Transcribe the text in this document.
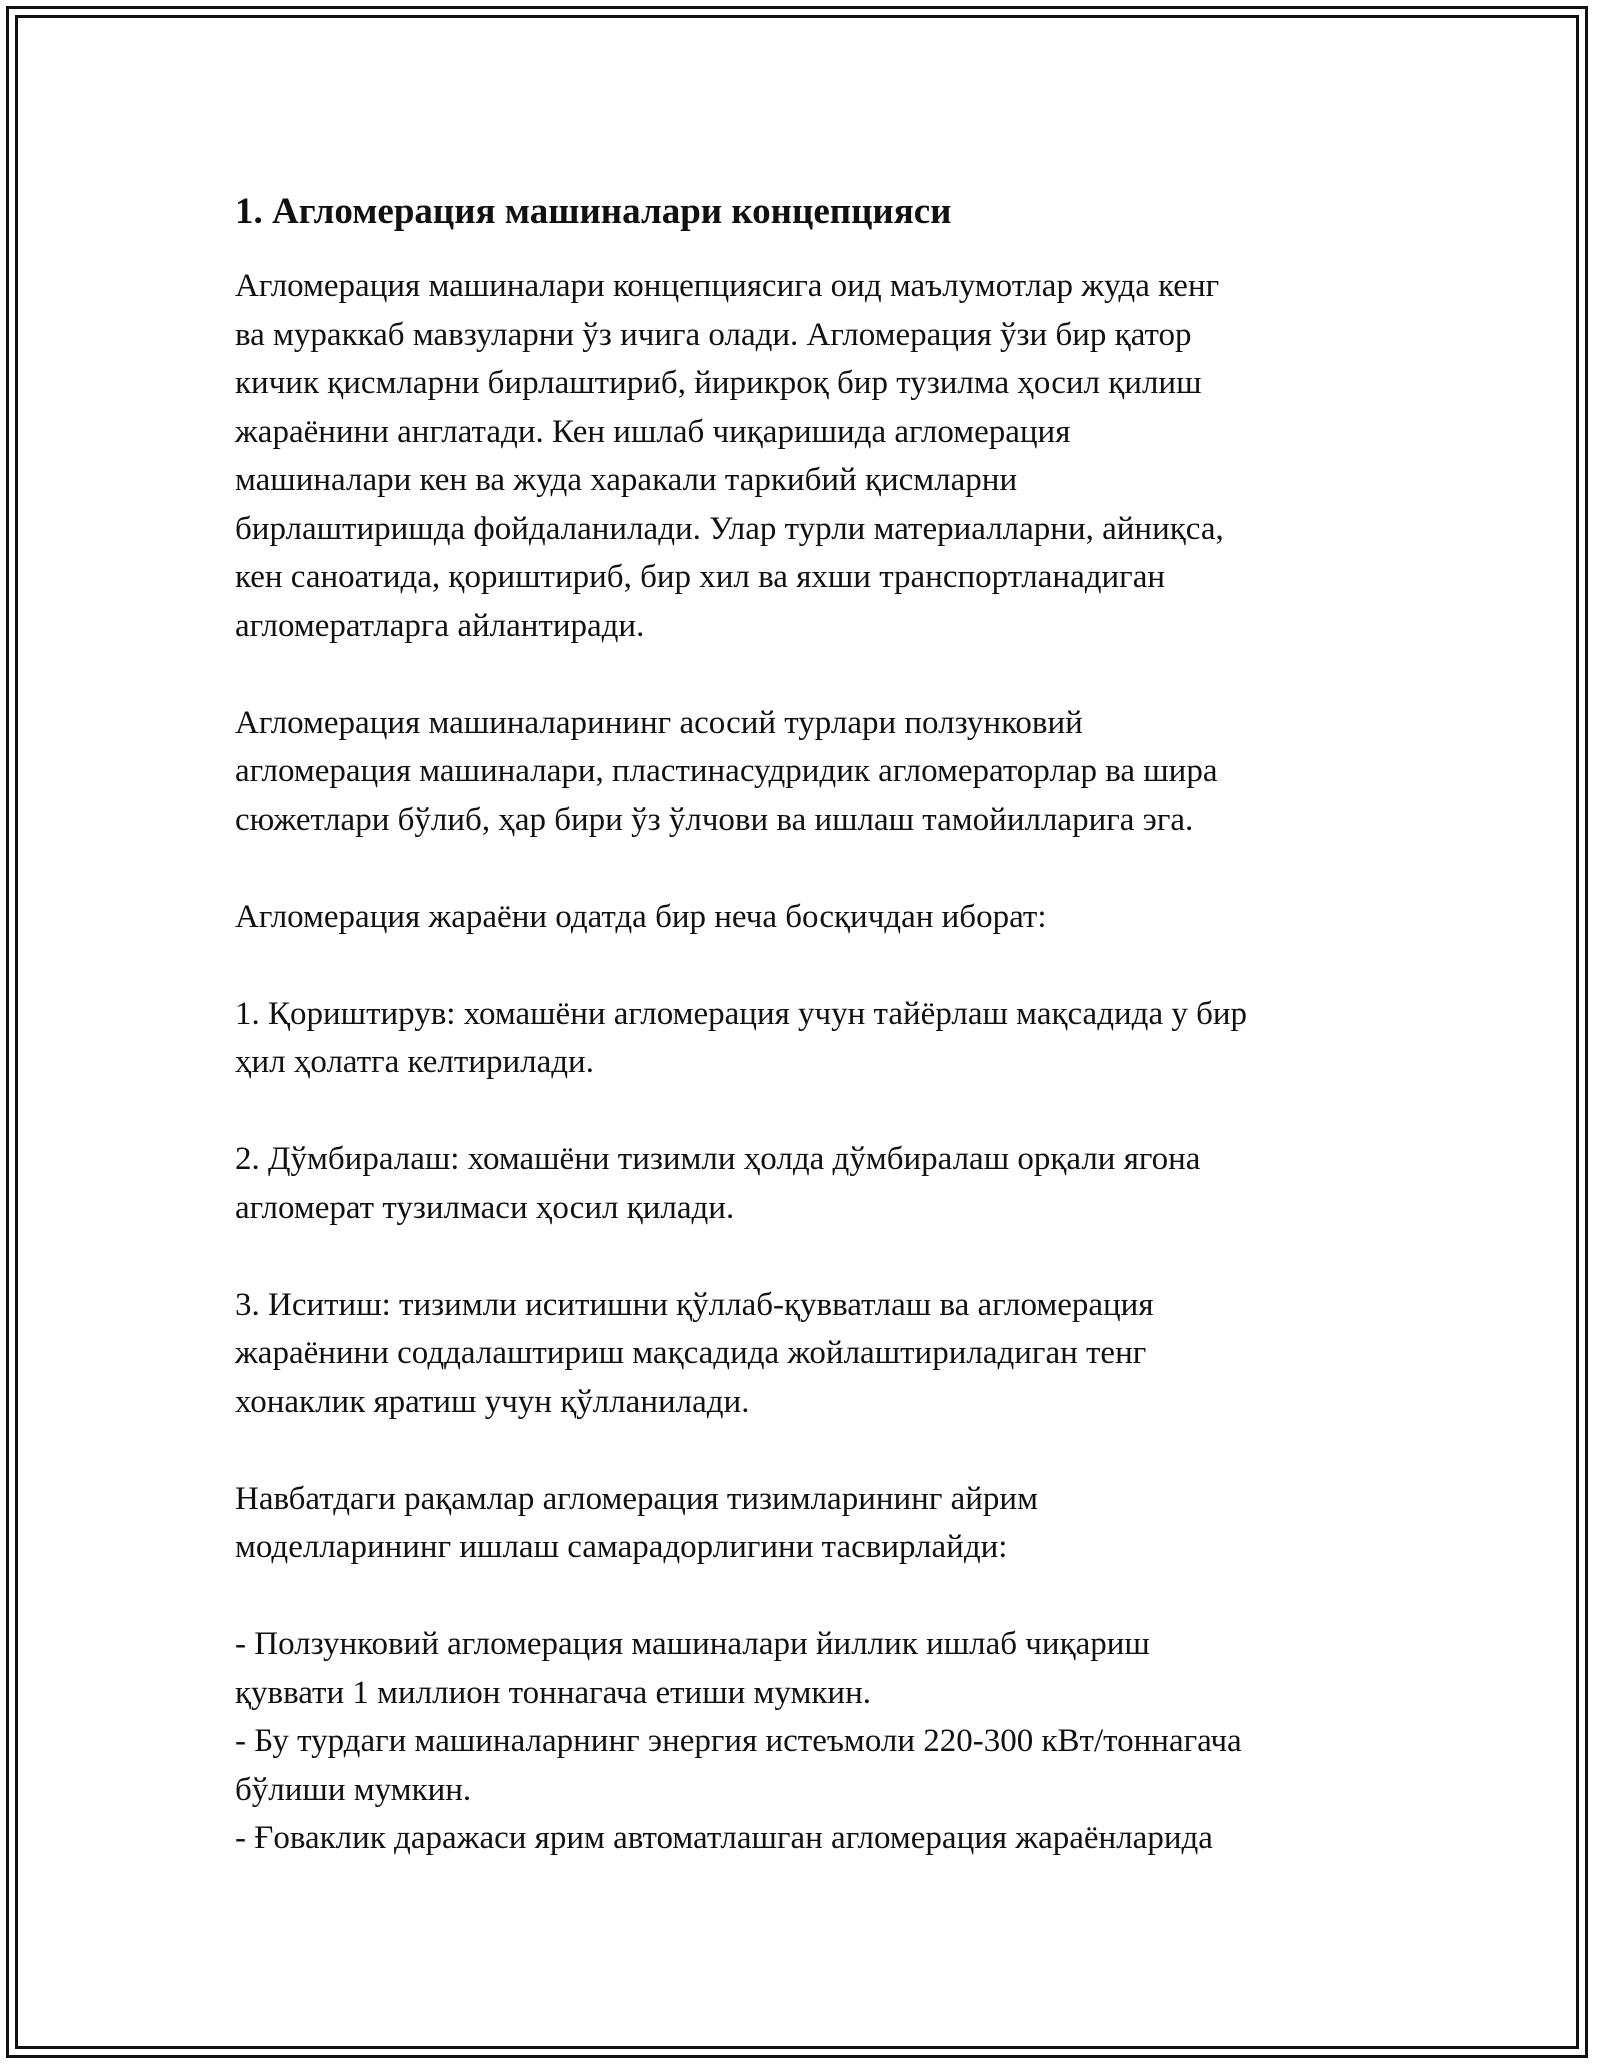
1. Агломерация машиналари концепцияси

Агломерация машиналари концепциясига оид маълумотлар жуда кенг
ва мураккаб мавзуларни ўз ичига олади. Агломерация ўзи бир қатор
кичик қисмларни бирлаштириб, йирикроқ бир тузилма ҳосил қилиш
жараёнини англатади. Кен ишлаб чиқаришида агломерация
машиналари кен ва жуда харакали таркибий қисмларни
бирлаштиришда фойдаланилади. Улар турли материалларни, айниқса,
кен саноатида, қориштириб, бир хил ва яхши транспортланадиган
агломератларга айлантиради.

Агломерация машиналарининг асосий турлари ползунковий
агломерация машиналари, пластинасудридик агломераторлар ва шира
сюжетлари бўлиб, ҳар бири ўз ўлчови ва ишлаш тамойилларига эга.

Агломерация жараёни одатда бир неча босқичдан иборат:

1. Қориштирув: хомашёни агломерация учун тайёрлаш мақсадида у бир
ҳил ҳолатга келтирилади.

2. Дўмбиралаш: хомашёни тизимли ҳолда дўмбиралаш орқали ягона
агломерат тузилмаси ҳосил қилади.

3. Иситиш: тизимли иситишни қўллаб-қувватлаш ва агломерация
жараёнини соддалаштириш мақсадида жойлаштириладиган тенг
хонаклик яратиш учун қўлланилади.

Навбатдаги рақамлар агломерация тизимларининг айрим
моделларининг ишлаш самарадорлигини тасвирлайди:

- Ползунковий агломерация машиналари йиллик ишлаб чиқариш
қуввати 1 миллион тоннагача етиши мумкин.
- Бу турдаги машиналарнинг энергия истеъмоли 220-300 кВт/тоннагача
бўлиши мумкин.
- Ғоваклик даражаси ярим автоматлашган агломерация жараёнларида
